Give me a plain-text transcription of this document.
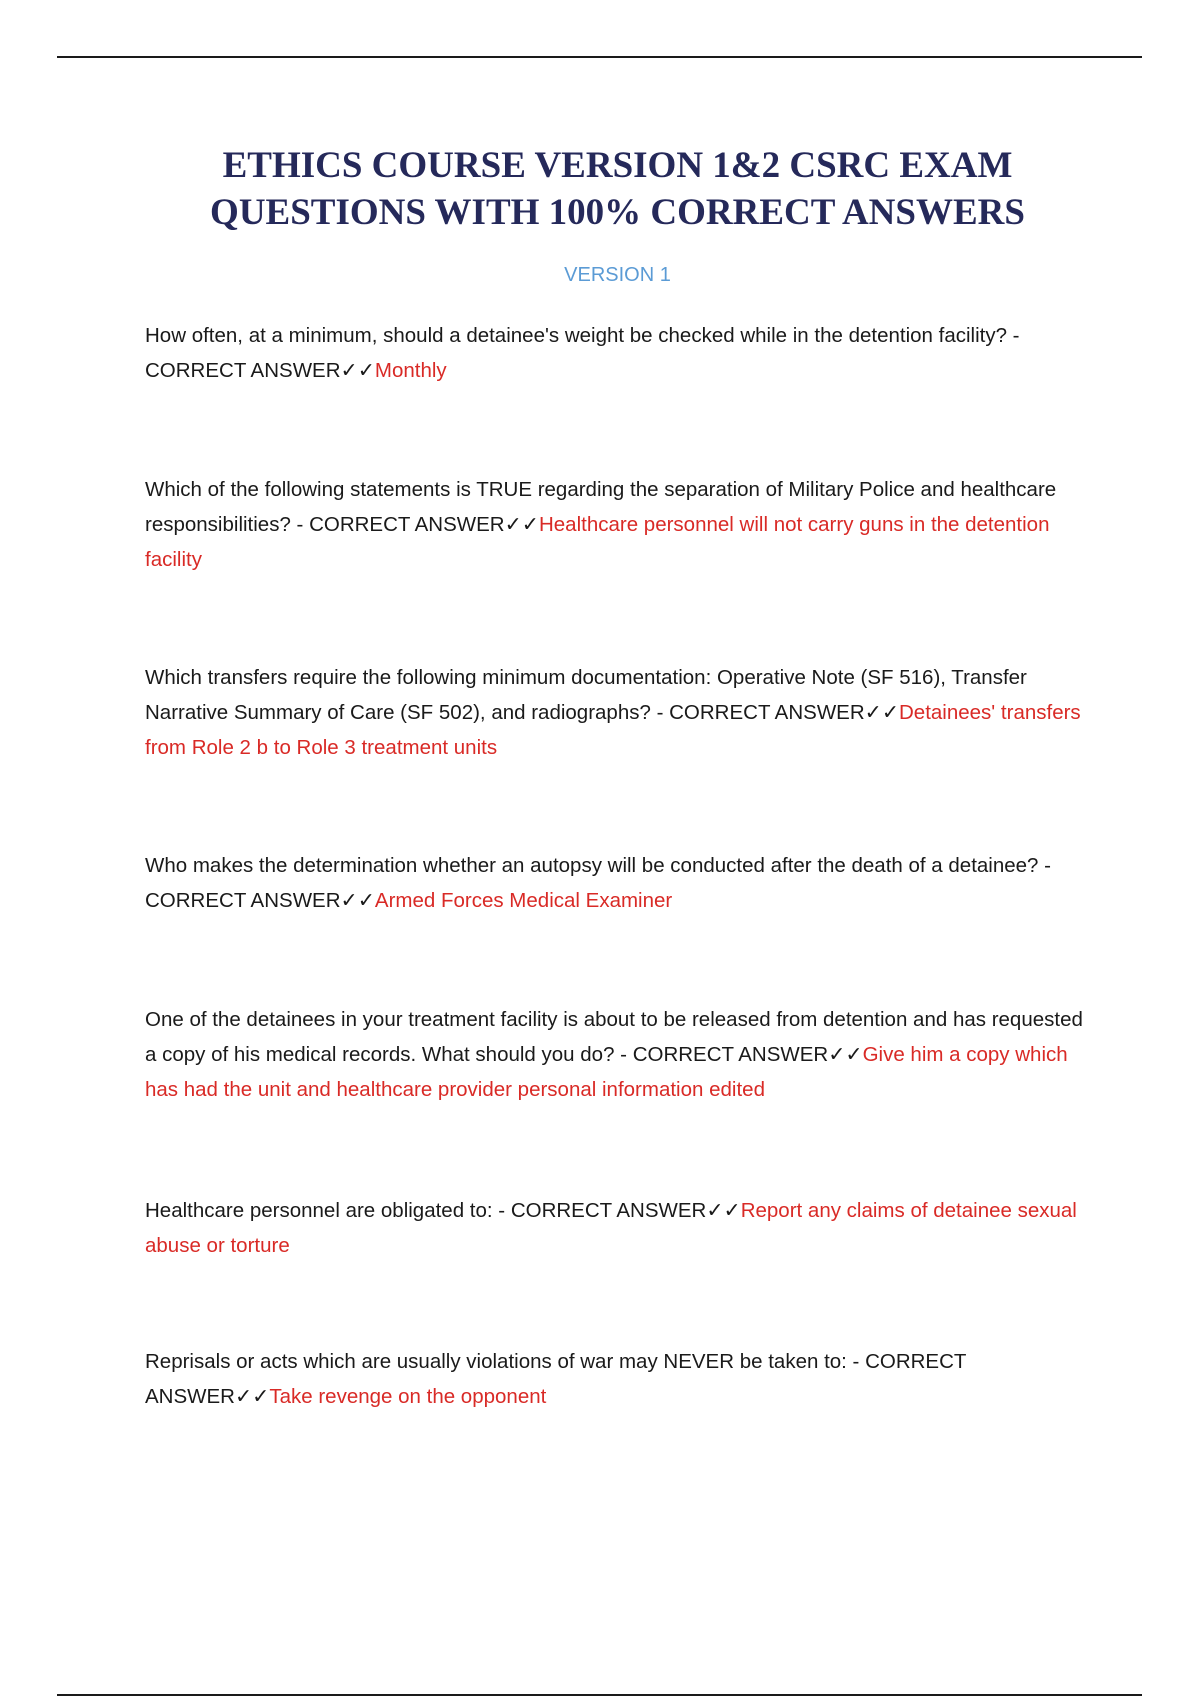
ETHICS COURSE VERSION 1&2 CSRC EXAM
QUESTIONS WITH 100% CORRECT ANSWERS
VERSION 1
How often, at a minimum, should a detainee's weight be checked while in the detention facility? - CORRECT ANSWER✓✓Monthly
Which of the following statements is TRUE regarding the separation of Military Police and healthcare responsibilities? - CORRECT ANSWER✓✓Healthcare personnel will not carry guns in the detention facility
Which transfers require the following minimum documentation: Operative Note (SF 516), Transfer Narrative Summary of Care (SF 502), and radiographs? - CORRECT ANSWER✓✓Detainees' transfers from Role 2 b to Role 3 treatment units
Who makes the determination whether an autopsy will be conducted after the death of a detainee? - CORRECT ANSWER✓✓Armed Forces Medical Examiner
One of the detainees in your treatment facility is about to be released from detention and has requested a copy of his medical records. What should you do? - CORRECT ANSWER✓✓Give him a copy which has had the unit and healthcare provider personal information edited
Healthcare personnel are obligated to: - CORRECT ANSWER✓✓Report any claims of detainee sexual abuse or torture
Reprisals or acts which are usually violations of war may NEVER be taken to: - CORRECT ANSWER✓✓Take revenge on the opponent
